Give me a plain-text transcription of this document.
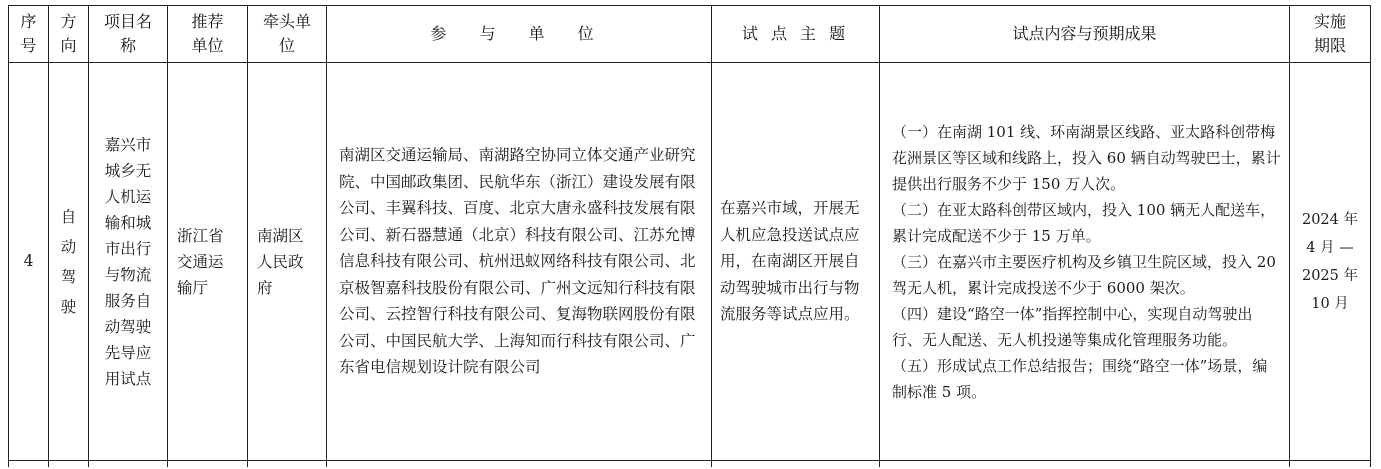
序号	方向	项目名称	推荐单位	牵头单位	参 与 单 位	试 点 主 题	试点内容与预期成果	实施期限
4	自动驾驶	嘉兴市城乡无人机运输和城市出行与物流服务自动驾驶先导应用试点	浙江省交通运输厅	南湖区人民政府	南湖区交通运输局、南湖路空协同立体交通产业研究院、中国邮政集团、民航华东（浙江）建设发展有限公司、丰翼科技、百度、北京大唐永盛科技发展有限公司、新石器慧通（北京）科技有限公司、江苏允博信息科技有限公司、杭州迅蚁网络科技有限公司、北京极智嘉科技股份有限公司、广州文远知行科技有限公司、云控智行科技有限公司、复海物联网股份有限公司、中国民航大学、上海知而行科技有限公司、广东省电信规划设计院有限公司	在嘉兴市域，开展无人机应急投送试点应用，在南湖区开展自动驾驶城市出行与物流服务等试点应用。	（一）在南湖 101 线、环南湖景区线路、亚太路科创带梅花洲景区等区域和线路上，投入 60 辆自动驾驶巴士，累计提供出行服务不少于 150 万人次。
（二）在亚太路科创带区域内，投入 100 辆无人配送车，累计完成配送不少于 15 万单。
（三）在嘉兴市主要医疗机构及乡镇卫生院区域，投入 20 驾无人机，累计完成投送不少于 6000 架次。
（四）建设“路空一体”指挥控制中心，实现自动驾驶出行、无人配送、无人机投递等集成化管理服务功能。
（五）形成试点工作总结报告；围绕“路空一体”场景，编制标准 5 项。	2024 年 4 月 — 2025 年 10 月
